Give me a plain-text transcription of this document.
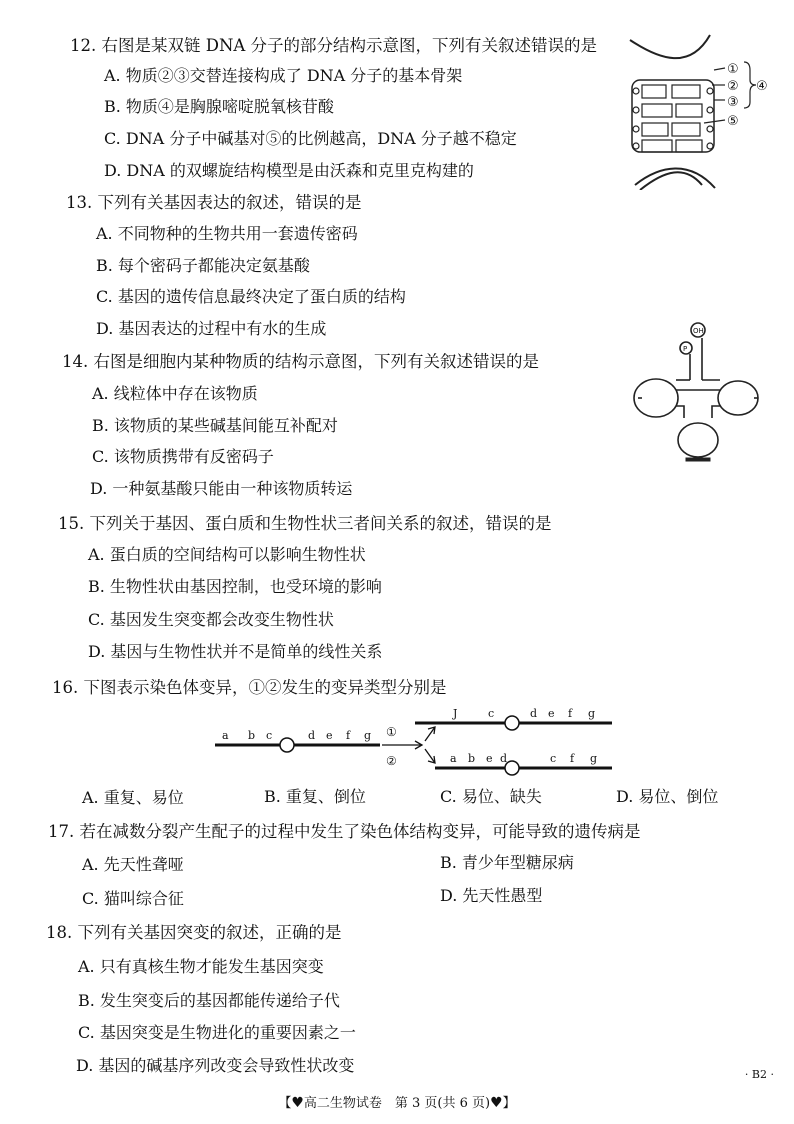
12. 右图是某双链 DNA 分子的部分结构示意图，下列有关叙述错误的是
A. 物质②③交替连接构成了 DNA 分子的基本骨架
B. 物质④是胸腺嘧啶脱氧核苷酸
C. DNA 分子中碱基对⑤的比例越高，DNA 分子越不稳定
D. DNA 的双螺旋结构模型是由沃森和克里克构建的
①
②
③
④
⑤
13. 下列有关基因表达的叙述，错误的是
A. 不同物种的生物共用一套遗传密码
B. 每个密码子都能决定氨基酸
C. 基因的遗传信息最终决定了蛋白质的结构
D. 基因表达的过程中有水的生成
14. 右图是细胞内某种物质的结构示意图，下列有关叙述错误的是
A. 线粒体中存在该物质
B. 该物质的某些碱基间能互补配对
C. 该物质携带有反密码子
D. 一种氨基酸只能由一种该物质转运
OH
P
15. 下列关于基因、蛋白质和生物性状三者间关系的叙述，错误的是
A. 蛋白质的空间结构可以影响生物性状
B. 生物性状由基因控制，也受环境的影响
C. 基因发生突变都会改变生物性状
D. 基因与生物性状并不是简单的线性关系
16. 下图表示染色体变异，①②发生的变异类型分别是
a b c	d e f g ①
②
J	c	d e f g
a b e d	c f g
A. 重复、易位	B. 重复、倒位	C. 易位、缺失	D. 易位、倒位
17. 若在减数分裂产生配子的过程中发生了染色体结构变异，可能导致的遗传病是
A. 先天性聋哑	B. 青少年型糖尿病
C. 猫叫综合征	D. 先天性愚型
18. 下列有关基因突变的叙述，正确的是
A. 只有真核生物才能发生基因突变
B. 发生突变后的基因都能传递给子代
C. 基因突变是生物进化的重要因素之一
D. 基因的碱基序列改变会导致性状改变	· B2 ·
【♥高二生物试卷　第 3 页(共 6 页)♥】
